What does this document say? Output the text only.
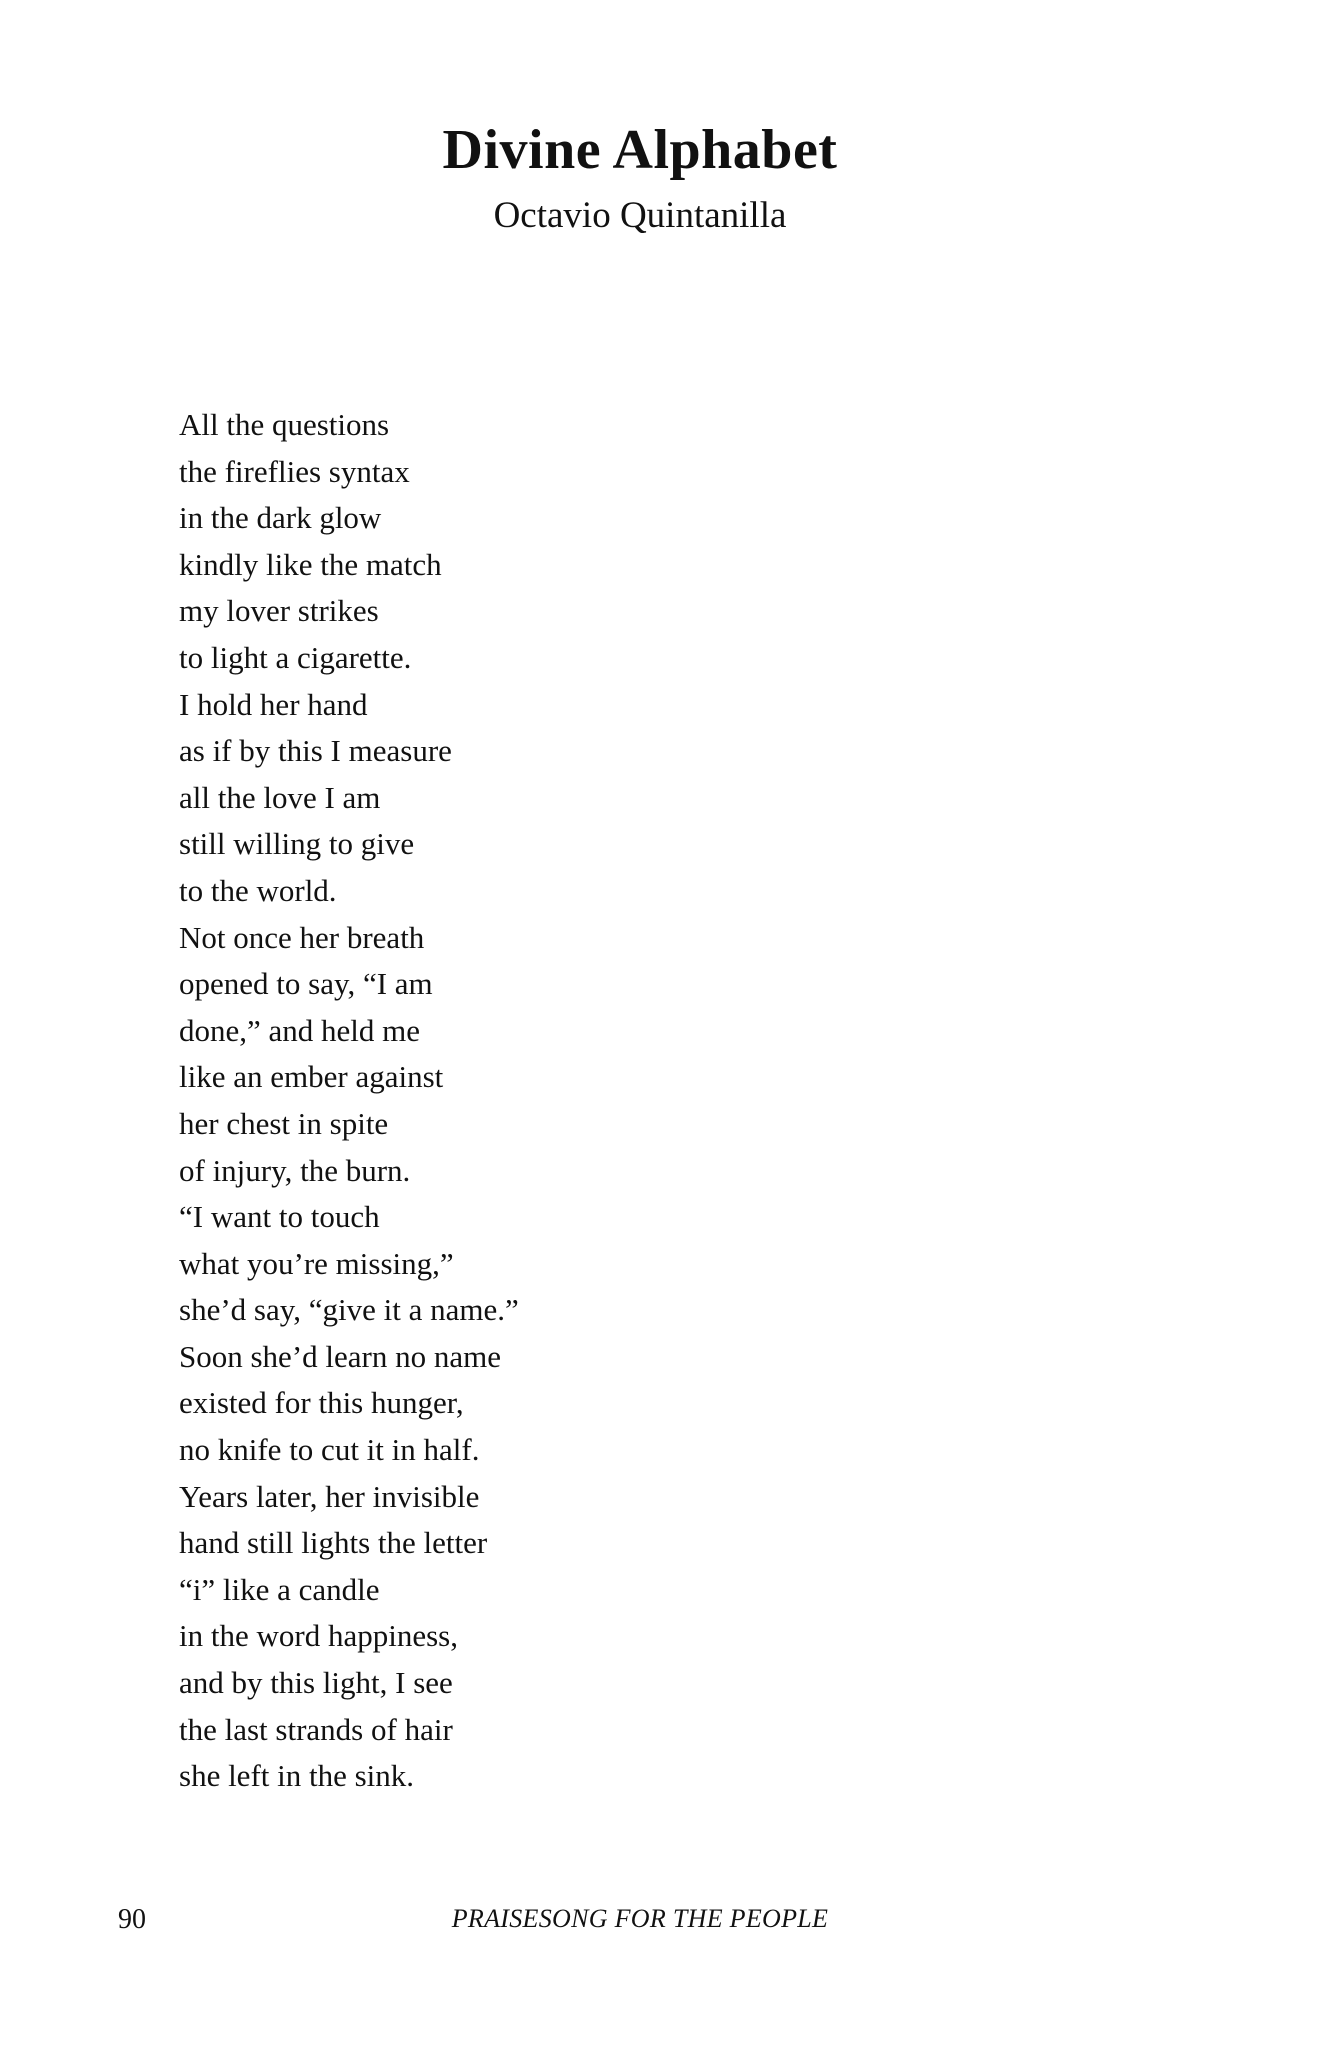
Divine Alphabet
Octavio Quintanilla
All the questions
the fireflies syntax
in the dark glow
kindly like the match
my lover strikes
to light a cigarette.
I hold her hand
as if by this I measure
all the love I am
still willing to give
to the world.
Not once her breath
opened to say, “I am
done,” and held me
like an ember against
her chest in spite
of injury, the burn.
“I want to touch
what you’re missing,”
she’d say, “give it a name.”
Soon she’d learn no name
existed for this hunger,
no knife to cut it in half.
Years later, her invisible
hand still lights the letter
“i” like a candle
in the word happiness,
and by this light, I see
the last strands of hair
she left in the sink.
90	PRAISESONG FOR THE PEOPLE
